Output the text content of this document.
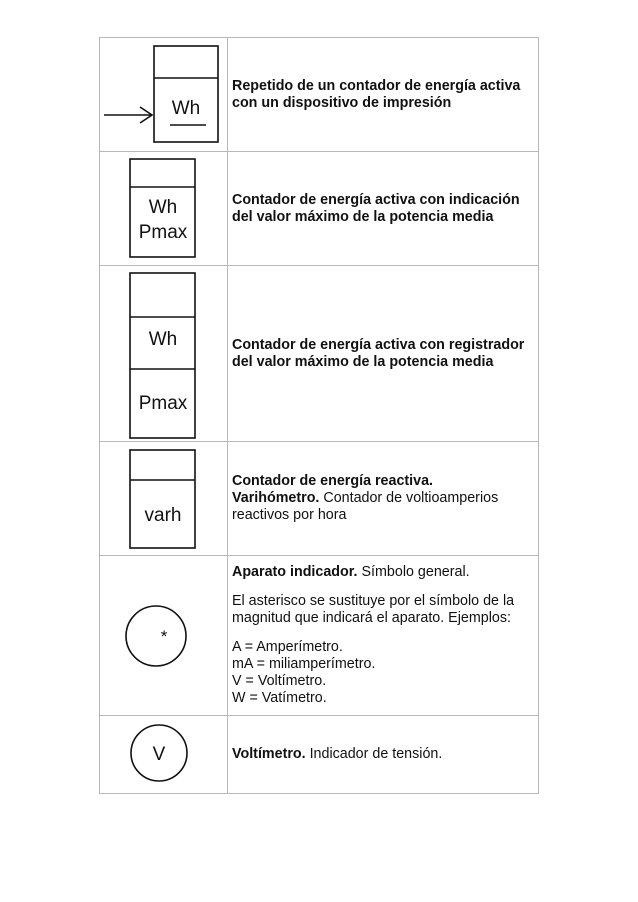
Wh

Repetido de un contador de energía activa con un dispositivo de impresión

Wh
Pmax

Contador de energía activa con indicación del valor máximo de la potencia media

Wh
Pmax

Contador de energía activa con registrador del valor máximo de la potencia media

varh

Contador de energía reactiva.
Varihómetro. Contador de voltioamperios reactivos por hora

*

Aparato indicador. Símbolo general.

El asterisco se sustituye por el símbolo de la magnitud que indicará el aparato. Ejemplos:

A = Amperímetro.
mA = miliamperímetro.
V = Voltímetro.
W = Vatímetro.

V	Voltímetro. Indicador de tensión.
